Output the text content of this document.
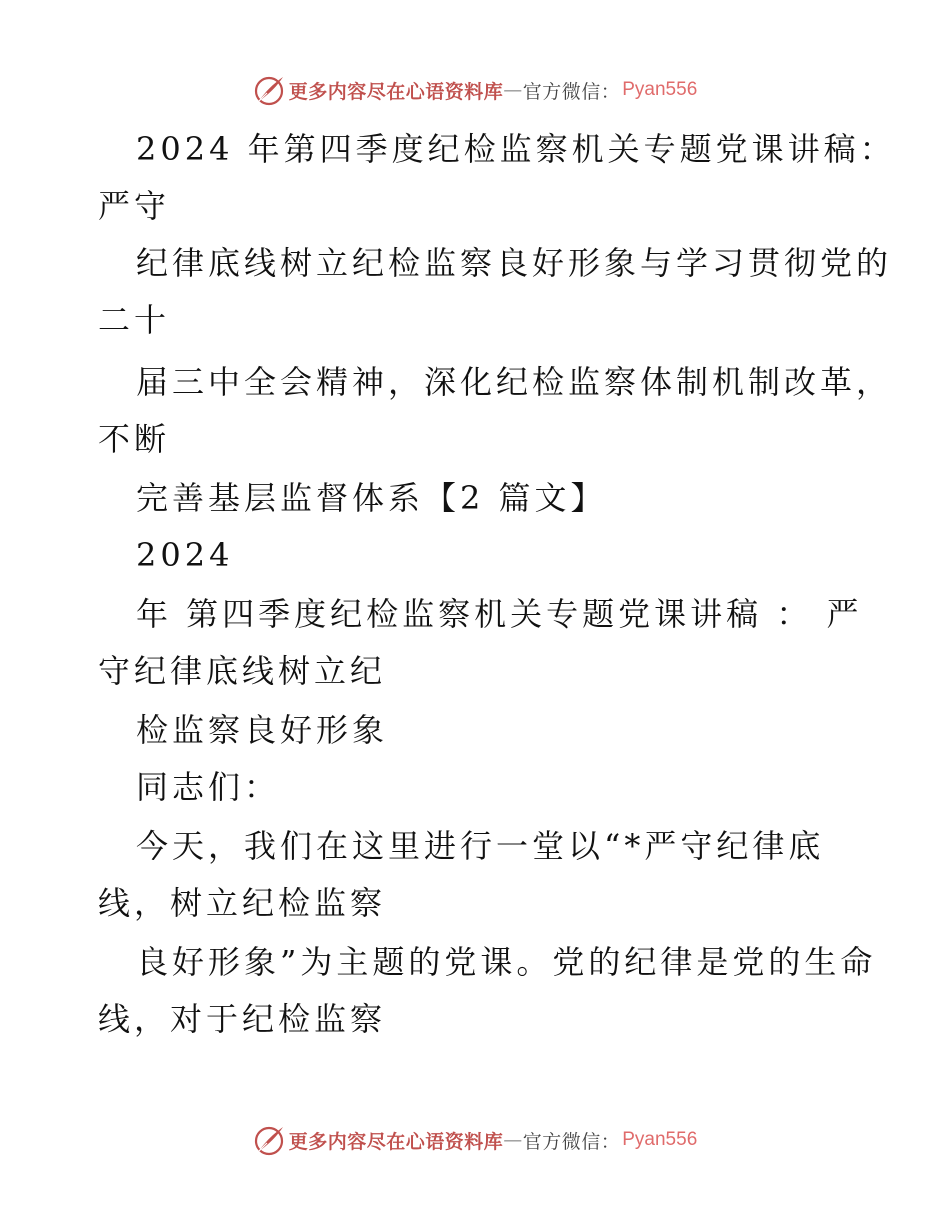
更多内容尽在心语资料库 — 官方微信： Pyan556
2024 年第四季度纪检监察机关专题党课讲稿：
严守
纪律底线树立纪检监察良好形象与学习贯彻党的
二十
届三中全会精神，深化纪检监察体制机制改革，
不断
完善基层监督体系【2 篇文】
2024
年 第四季度纪检监察机关专题党课讲稿 ： 严
守纪律底线树立纪
检监察良好形象
同志们：
今天，我们在这里进行一堂以“*严守纪律底
线，树立纪检监察
良好形象”为主题的党课。党的纪律是党的生命
线，对于纪检监察
更多内容尽在心语资料库 — 官方微信： Pyan556
